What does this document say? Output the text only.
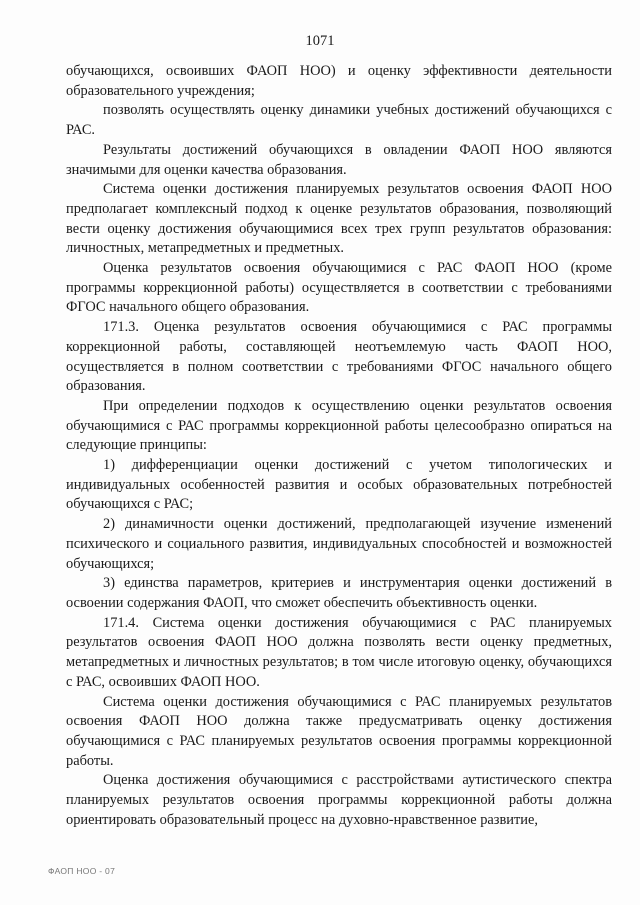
1071

обучающихся, освоивших ФАОП НОО) и оценку эффективности деятельности образовательного учреждения;

позволять осуществлять оценку динамики учебных достижений обучающихся с РАС.

Результаты достижений обучающихся в овладении ФАОП НОО являются значимыми для оценки качества образования.

Система оценки достижения планируемых результатов освоения ФАОП НОО предполагает комплексный подход к оценке результатов образования, позволяющий вести оценку достижения обучающимися всех трех групп результатов образования: личностных, метапредметных и предметных.

Оценка результатов освоения обучающимися с РАС ФАОП НОО (кроме программы коррекционной работы) осуществляется в соответствии с требованиями ФГОС начального общего образования.

171.3. Оценка результатов освоения обучающимися с РАС программы коррекционной работы, составляющей неотъемлемую часть ФАОП НОО, осуществляется в полном соответствии с требованиями ФГОС начального общего образования.

При определении подходов к осуществлению оценки результатов освоения обучающимися с РАС программы коррекционной работы целесообразно опираться на следующие принципы:

1) дифференциации оценки достижений с учетом типологических и индивидуальных особенностей развития и особых образовательных потребностей обучающихся с РАС;

2) динамичности оценки достижений, предполагающей изучение изменений психического и социального развития, индивидуальных способностей и возможностей обучающихся;

3) единства параметров, критериев и инструментария оценки достижений в освоении содержания ФАОП, что сможет обеспечить объективность оценки.

171.4. Система оценки достижения обучающимися с РАС планируемых результатов освоения ФАОП НОО должна позволять вести оценку предметных, метапредметных и личностных результатов; в том числе итоговую оценку, обучающихся с РАС, освоивших ФАОП НОО.

Система оценки достижения обучающимися с РАС планируемых результатов освоения ФАОП НОО должна также предусматривать оценку достижения обучающимися с РАС планируемых результатов освоения программы коррекционной работы.

Оценка достижения обучающимися с расстройствами аутистического спектра планируемых результатов освоения программы коррекционной работы должна ориентировать образовательный процесс на духовно-нравственное развитие,

ФАОП НОО - 07
